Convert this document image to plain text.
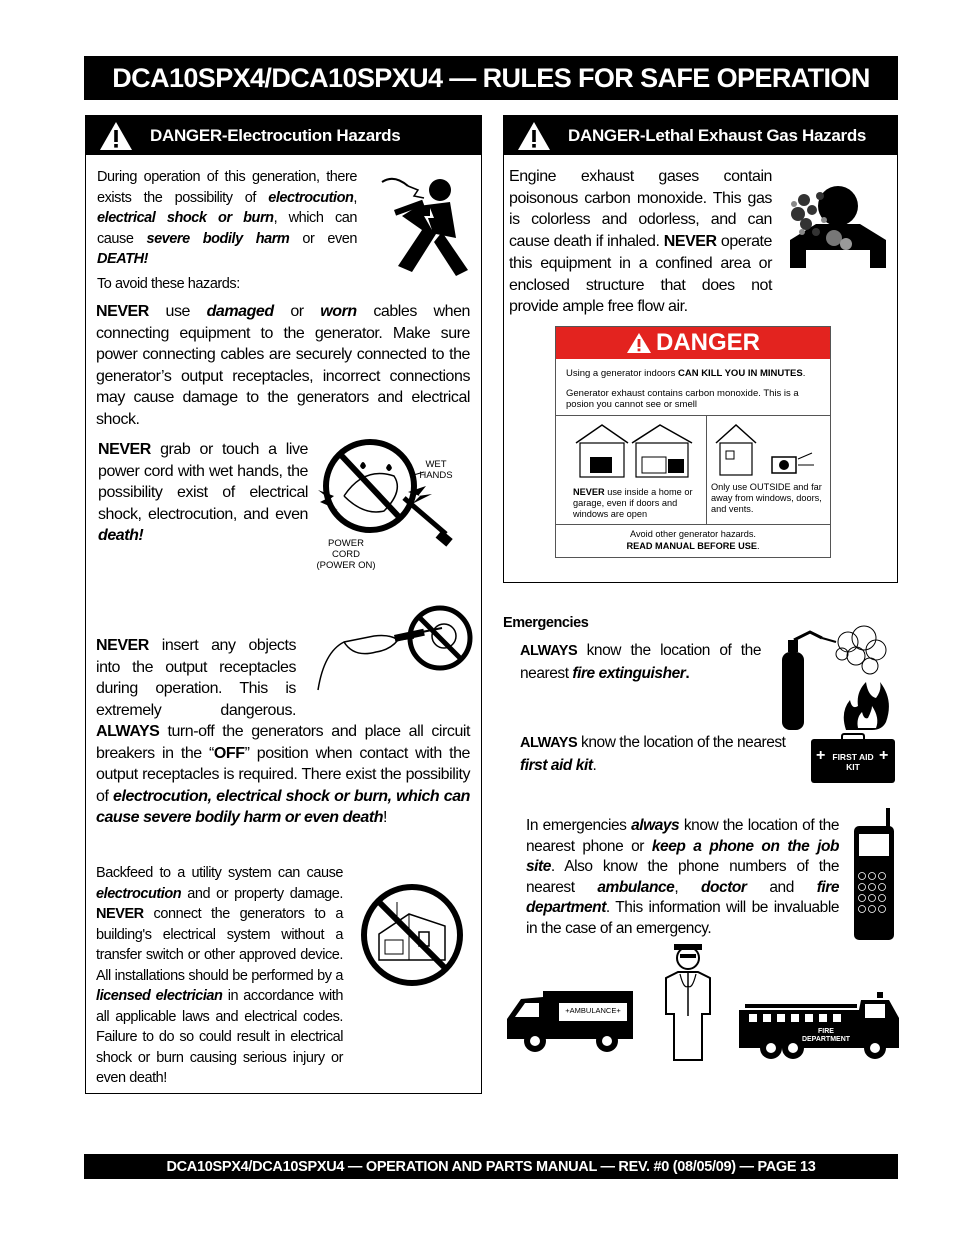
DCA10SPX4/DCA10SPXU4 — RULES FOR SAFE OPERATION
DANGER-Electrocution Hazards

During operation of this generation, there exists the possibility of electrocution, electrical shock or burn, which can cause severe bodily harm or even DEATH!

To avoid these hazards:

NEVER use damaged or worn cables when connecting equipment to the generator. Make sure power connecting cables are securely connected to the generator’s output receptacles, incorrect connections may cause damage to the generators and electrical shock.

NEVER grab or touch a live power cord with wet hands, the possibility exist of electrical shock, electrocution, and even death!

WET
HANDS
POWER
CORD
(POWER ON)

NEVER insert any objects into the output receptacles during operation. This is extremely dangerous. ALWAYS turn-off the generators and place all circuit breakers in the “OFF” position when contact with the output receptacles is required. There exist the possibility of electrocution, electrical shock or burn, which can cause severe bodily harm or even death!

Backfeed to a utility system can cause electrocution and or property damage. NEVER connect the generators to a building's electrical system without a transfer switch or other approved device. All installations should be performed by a licensed electrician in accordance with all applicable laws and electrical codes. Failure to do so could result in electrical shock or burn causing serious injury or even death!

DANGER-Lethal Exhaust Gas Hazards

Engine exhaust gases contain poisonous carbon monoxide. This gas is colorless and odorless, and can cause death if inhaled. NEVER operate this equipment in a confined area or enclosed structure that does not provide ample free flow air.

DANGER
Using a generator indoors CAN KILL YOU IN MINUTES.
Generator exhaust contains carbon monoxide. This is a posion you cannot see or smell
NEVER use inside a home or garage, even if doors and windows are open
Only use OUTSIDE and far away from windows, doors, and vents.
Avoid other generator hazards.
READ MANUAL BEFORE USE.
Emergencies

ALWAYS know the location of the nearest fire extinguisher.

ALWAYS know the location of the nearest first aid kit.

+	+
FIRST AID
KIT

In emergencies always know the location of the nearest phone or keep a phone on the job site. Also know the phone numbers of the nearest ambulance, doctor and fire department. This information will be invaluable in the case of an emergency.

+AMBULANCE+
FIRE
DEPARTMENT
DCA10SPX4/DCA10SPXU4 — OPERATION AND PARTS MANUAL — REV. #0 (08/05/09) — PAGE 13
